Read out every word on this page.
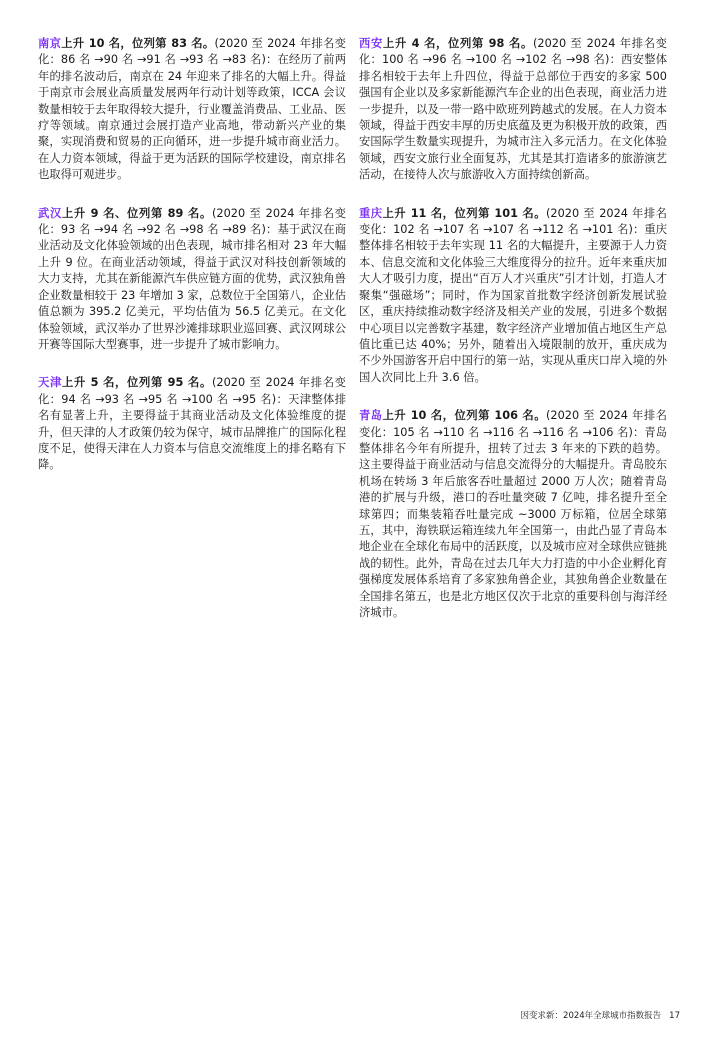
南京上升 10 名，位列第 83 名。(2020 至 2024 年排名变化：86 名 →90 名 →91 名 →93 名 →83 名)：在经历了前两年的排名波动后，南京在 24 年迎来了排名的大幅上升。得益于南京市会展业高质量发展两年行动计划等政策，ICCA 会议数量相较于去年取得较大提升，行业覆盖消费品、工业品、医疗等领域。南京通过会展打造产业高地，带动新兴产业的集聚，实现消费和贸易的正向循环，进一步提升城市商业活力。在人力资本领域，得益于更为活跃的国际学校建设，南京排名也取得可观进步。

武汉上升 9 名、位列第 89 名。(2020 至 2024 年排名变化：93 名 →94 名 →92 名 →98 名 →89 名)：基于武汉在商业活动及文化体验领域的出色表现，城市排名相对 23 年大幅上升 9 位。在商业活动领域，得益于武汉对科技创新领域的大力支持，尤其在新能源汽车供应链方面的优势，武汉独角兽企业数量相较于 23 年增加 3 家，总数位于全国第八，企业估值总额为 395.2 亿美元，平均估值为 56.5 亿美元。在文化体验领域，武汉举办了世界沙滩排球职业巡回赛、武汉网球公开赛等国际大型赛事，进一步提升了城市影响力。

天津上升 5 名，位列第 95 名。(2020 至 2024 年排名变化：94 名 →93 名 →95 名 →100 名 →95 名)：天津整体排名有显著上升，主要得益于其商业活动及文化体验维度的提升，但天津的人才政策仍较为保守，城市品牌推广的国际化程度不足，使得天津在人力资本与信息交流维度上的排名略有下降。

西安上升 4 名，位列第 98 名。(2020 至 2024 年排名变化：100 名 →96 名 →100 名 →102 名 →98 名)：西安整体排名相较于去年上升四位，得益于总部位于西安的多家 500 强国有企业以及多家新能源汽车企业的出色表现，商业活力进一步提升，以及一带一路中欧班列跨越式的发展。在人力资本领域，得益于西安丰厚的历史底蕴及更为积极开放的政策，西安国际学生数量实现提升，为城市注入多元活力。在文化体验领域，西安文旅行业全面复苏，尤其是其打造诸多的旅游演艺活动，在接待人次与旅游收入方面持续创新高。

重庆上升 11 名，位列第 101 名。(2020 至 2024 年排名变化：102 名 →107 名 →107 名 →112 名 →101 名)：重庆整体排名相较于去年实现 11 名的大幅提升，主要源于人力资本、信息交流和文化体验三大维度得分的拉升。近年来重庆加大人才吸引力度，提出“百万人才兴重庆”引才计划，打造人才聚集“强磁场”；同时，作为国家首批数字经济创新发展试验区，重庆持续推动数字经济及相关产业的发展，引进多个数据中心项目以完善数字基建，数字经济产业增加值占地区生产总值比重已达 40%；另外，随着出入境限制的放开，重庆成为不少外国游客开启中国行的第一站，实现从重庆口岸入境的外国人次同比上升 3.6 倍。

青岛上升 10 名，位列第 106 名。(2020 至 2024 年排名变化：105 名 →110 名 →116 名 →116 名 →106 名)：青岛整体排名今年有所提升，扭转了过去 3 年来的下跌的趋势。这主要得益于商业活动与信息交流得分的大幅提升。青岛胶东机场在转场 3 年后旅客吞吐量超过 2000 万人次；随着青岛港的扩展与升级，港口的吞吐量突破 7 亿吨，排名提升至全球第四；而集装箱吞吐量完成 ~3000 万标箱，位居全球第五，其中，海铁联运箱连续九年全国第一，由此凸显了青岛本地企业在全球化布局中的活跃度，以及城市应对全球供应链挑战的韧性。此外，青岛在过去几年大力打造的中小企业孵化育强梯度发展体系培育了多家独角兽企业，其独角兽企业数量在全国排名第五，也是北方地区仅次于北京的重要科创与海洋经济城市。

因变求新：2024年全球城市指数报告 17
